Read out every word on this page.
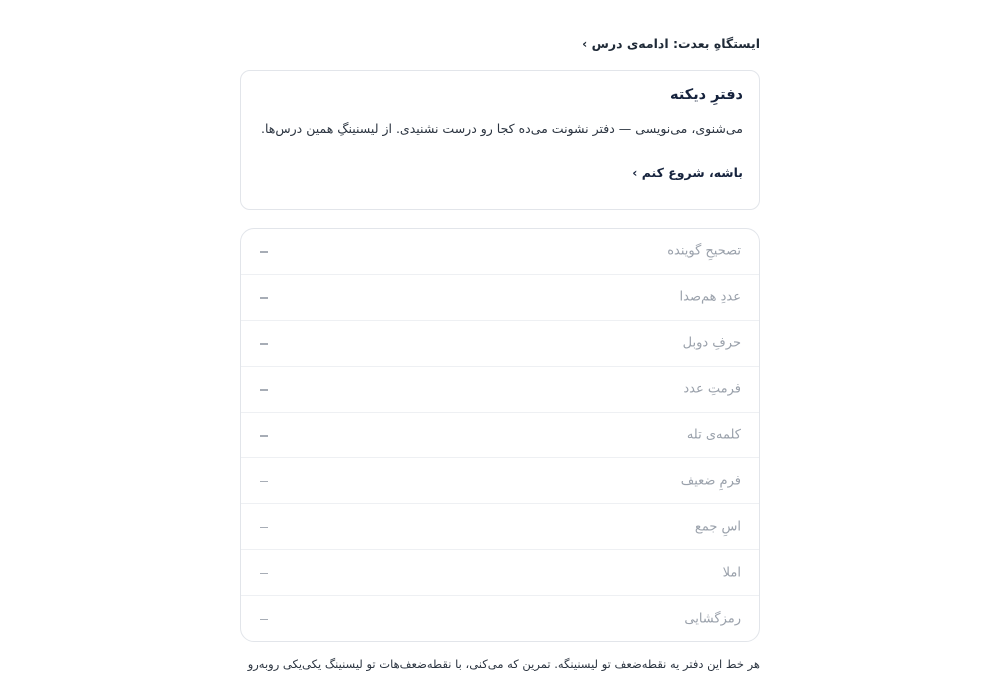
ایستگاهِ بعدت: ادامه‌ی درس ›
دفترِ دیکته
می‌شنوی، می‌نویسی — دفتر نشونت می‌ده کجا رو درست نشنیدی. از لیسنینگِ همین درس‌ها.
باشه، شروع کنم ›
تصحیحِ گوینده
عددِ هم‌صدا
حرفِ دوبل
فرمتِ عدد
کلمه‌ی تله
فرمِ ضعیف
اسِ جمع
املا
رمزگشایی
هر خط این دفتر یه نقطه‌ضعف تو لیسنینگه. تمرین که می‌کنی، با نقطه‌ضعف‌هات تو لیسنینگ یکی‌یکی روبه‌رو
